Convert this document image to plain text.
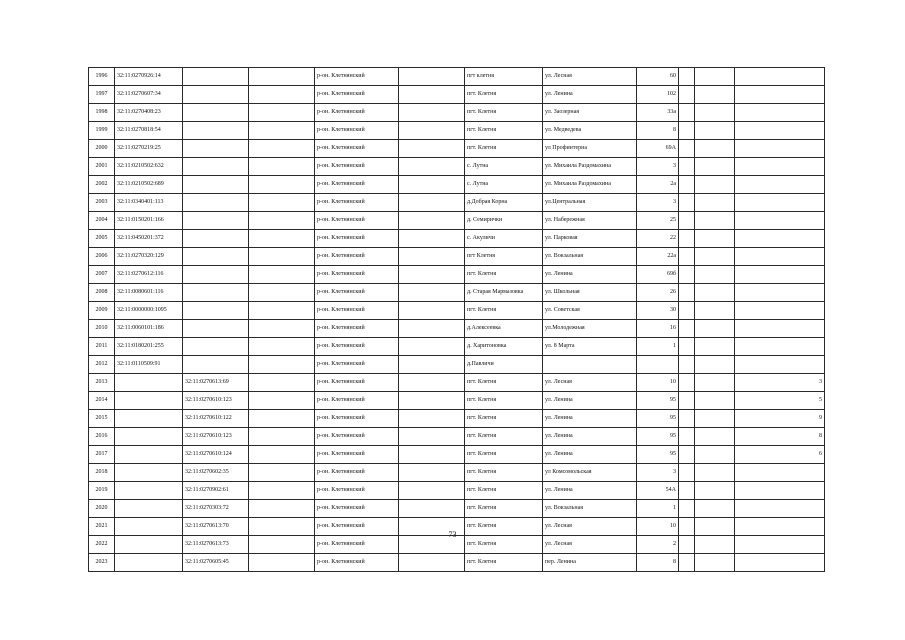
1996	32:11:0270926:14			р-он. Клетнянский		пгт клетня	ул. Лесная	60			
1997	32:11:0270607:34			р-он. Клетнянский		пгт. Клетня	ул. Ленина	102			
1998	32:11:0270408:23			р-он. Клетнянский		пгт. Клетня	ул. Заозерная	33а			
1999	32:11:0270818:54			р-он. Клетнянский		пгт. Клетня	ул. Медведева	8			
2000	32:11:0270219:25			р-он. Клетнянский		пгт. Клетня	ул Профинтерна	69А			
2001	32:11:0210502:632			р-он. Клетнянский		с. Лутна	ул. Михаила Раздомахина	3			
2002	32:11:0210502:689			р-он. Клетнянский		с. Лутна	ул. Михаила Раздомахина	2а			
2003	32:11:0340401:113			р-он. Клетнянский		д.Добрая Корна	ул.Центральная	3			
2004	32:11:0150201:166			р-он. Клетнянский		д. Семирички	ул. Набережная	25			
2005	32:11:0450201:372			р-он. Клетнянский		с. Акуличи	ул. Парковая	22			
2006	32:11:0270320:129			р-он. Клетнянский		пгт Клетня	ул. Вокзальная	22а			
2007	32:11:0270612:116			р-он. Клетнянский		пгт. Клетня	ул. Ленина	69б			
2008	32:11:0080601:116			р-он. Клетнянский		д. Старая Мармазовка	ул. Школьная	26			
2009	32:11:0000000:1095			р-он. Клетнянский		пгт. Клетня	ул. Советская	30			
2010	32:11:0060101:186			р-он. Клетнянский		д.Алексеевка	ул.Молодежная	16			
2011	32:11:0180201:255			р-он. Клетнянский		д. Харитоновка	ул. 8 Марта	1			
2012	32:11:0110509:91			р-он. Клетнянский		д.Павличи					
2013		32:11:0270613:69		р-он. Клетнянский		пгт. Клетня	ул. Лесная	10			3
2014		32:11:0270610:123		р-он. Клетнянский		пгт. Клетня	ул. Ленина	95			5
2015		32:11:0270610:122		р-он. Клетнянский		пгт. Клетня	ул. Ленина	95			9
2016		32:11:0270610:123		р-он. Клетнянский		пгт. Клетня	ул. Ленина	95			8
2017		32:11:0270610:124		р-он. Клетнянский		пгт. Клетня	ул. Ленина	95			6
2018		32:11:0270602:35		р-он. Клетнянский		пгт. Клетня	ул Комсомольская	3			
2019		32:11:0270902:61		р-он. Клетнянский		пгт. Клетня	ул. Ленина	54А			
2020		32:11:0270303:72		р-он. Клетнянский		пгт. Клетня	ул. Вокзальная	1			
2021		32:11:0270613:70		р-он. Клетнянский		пгт. Клетня	ул. Лесная	10			
2022		32:11:0270613:73		р-он. Клетнянский		пгт. Клетня	ул. Лесная	2			
2023		32:11:0270605:45		р-он. Клетнянский		пгт. Клетня	пер. Ленина	8			
73
